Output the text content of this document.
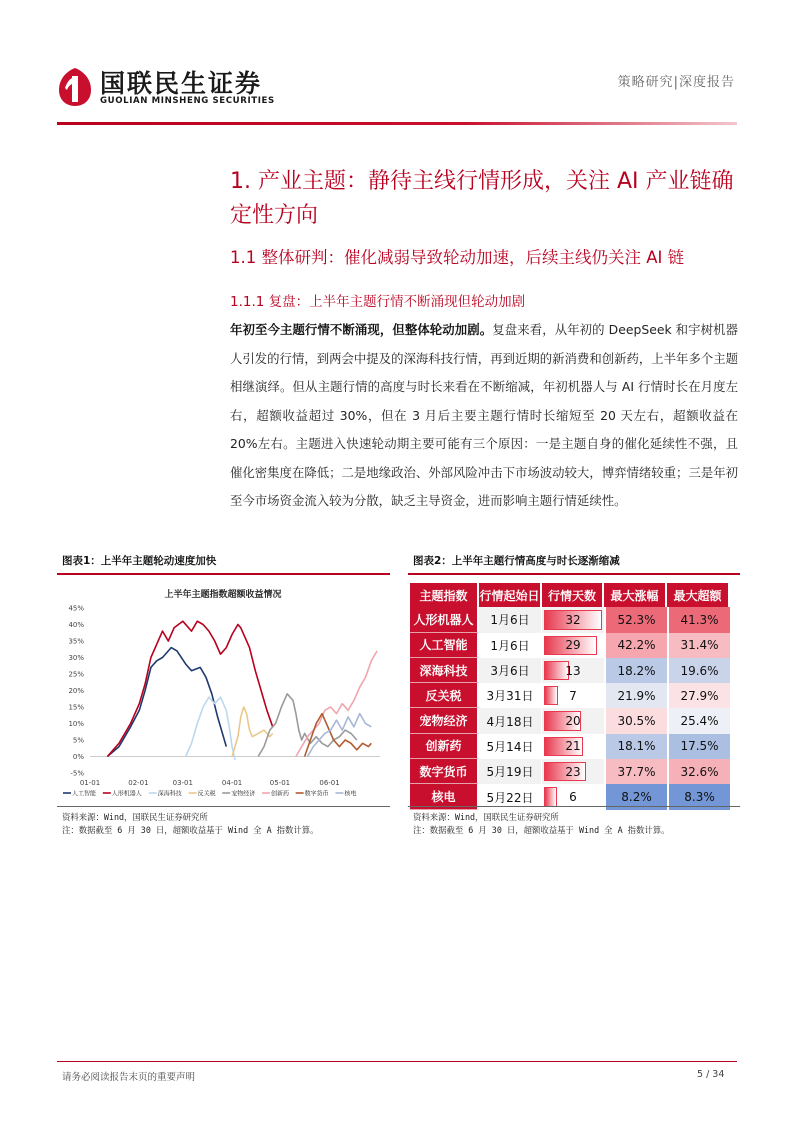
国联民生证券
GUOLIAN MINSHENG SECURITIES
策略研究|深度报告
1. 产业主题：静待主线行情形成，关注 AI 产业链确定性方向
1.1 整体研判：催化减弱导致轮动加速，后续主线仍关注 AI 链
1.1.1 复盘：上半年主题行情不断涌现但轮动加剧
年初至今主题行情不断涌现，但整体轮动加剧。复盘来看，从年初的 DeepSeek 和宇树机器人引发的行情，到两会中提及的深海科技行情，再到近期的新消费和创新药，上半年多个主题相继演绎。但从主题行情的高度与时长来看在不断缩减，年初机器人与 AI 行情时长在月度左右，超额收益超过 30%，但在 3 月后主要主题行情时长缩短至 20 天左右，超额收益在 20%左右。主题进入快速轮动期主要可能有三个原因：一是主题自身的催化延续性不强，且催化密集度在降低；二是地缘政治、外部风险冲击下市场波动较大，博弈情绪较重；三是年初至今市场资金流入较为分散，缺乏主导资金，进而影响主题行情延续性。
图表1：上半年主题轮动速度加快
上半年主题指数超额收益情况
45%
40%
35%
30%
25%
20%
15%
10%
5%
0%
-5%
01-01	02-01	03-01	04-01	05-01	06-01
人工智能	人形机器人	深海科技	反关税	宠物经济	创新药	数字货币	核电
资料来源：Wind，国联民生证券研究所
注：数据截至 6 月 30 日，超额收益基于 Wind 全 A 指数计算。
图表2：上半年主题行情高度与时长逐渐缩减
主题指数	行情起始日	行情天数	最大涨幅	最大超额
人形机器人	1月6日	32	52.3%	41.3%
人工智能	1月6日	29	42.2%	31.4%
深海科技	3月6日	13	18.2%	19.6%
反关税	3月31日	7	21.9%	27.9%
宠物经济	4月18日	20	30.5%	25.4%
创新药	5月14日	21	18.1%	17.5%
数字货币	5月19日	23	37.7%	32.6%
核电	5月22日	6	8.2%	8.3%
资料来源：Wind，国联民生证券研究所
注：数据截至 6 月 30 日，超额收益基于 Wind 全 A 指数计算。
请务必阅读报告末页的重要声明	5 / 34
